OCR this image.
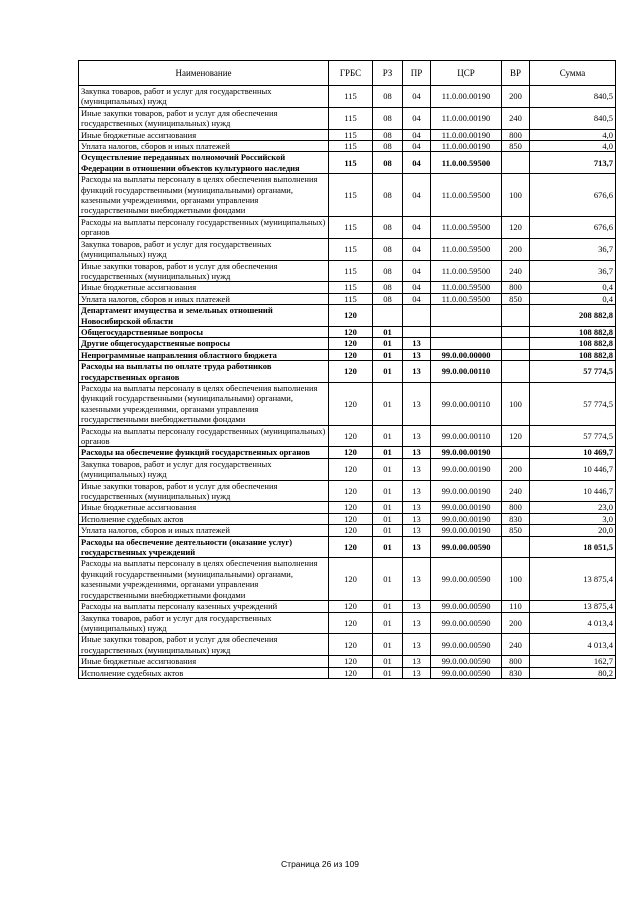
Наименование	ГРБС	РЗ	ПР	ЦСР	ВР	Сумма
Закупка товаров, работ и услуг для государственных (муниципальных) нужд	115	08	04	11.0.00.00190	200	840,5
Иные закупки товаров, работ и услуг для обеспечения государственных (муниципальных) нужд	115	08	04	11.0.00.00190	240	840,5
Иные бюджетные ассигнования	115	08	04	11.0.00.00190	800	4,0
Уплата налогов, сборов и иных платежей	115	08	04	11.0.00.00190	850	4,0
Осуществление переданных полномочий Российской Федерации в отношении объектов культурного наследия	115	08	04	11.0.00.59500		713,7
Расходы на выплаты персоналу в целях обеспечения выполнения функций государственными (муниципальными) органами, казенными учреждениями, органами управления государственными внебюджетными фондами	115	08	04	11.0.00.59500	100	676,6
Расходы на выплаты персоналу государственных (муниципальных) органов	115	08	04	11.0.00.59500	120	676,6
Закупка товаров, работ и услуг для государственных (муниципальных) нужд	115	08	04	11.0.00.59500	200	36,7
Иные закупки товаров, работ и услуг для обеспечения государственных (муниципальных) нужд	115	08	04	11.0.00.59500	240	36,7
Иные бюджетные ассигнования	115	08	04	11.0.00.59500	800	0,4
Уплата налогов, сборов и иных платежей	115	08	04	11.0.00.59500	850	0,4
Департамент имущества и земельных отношений Новосибирской области	120					208 882,8
Общегосударственные вопросы	120	01				108 882,8
Другие общегосударственные вопросы	120	01	13			108 882,8
Непрограммные направления областного бюджета	120	01	13	99.0.00.00000		108 882,8
Расходы на выплаты по оплате труда работников государственных органов	120	01	13	99.0.00.00110		57 774,5
Расходы на выплаты персоналу в целях обеспечения выполнения функций государственными (муниципальными) органами, казенными учреждениями, органами управления государственными внебюджетными фондами	120	01	13	99.0.00.00110	100	57 774,5
Расходы на выплаты персоналу государственных (муниципальных) органов	120	01	13	99.0.00.00110	120	57 774,5
Расходы на обеспечение функций государственных органов	120	01	13	99.0.00.00190		10 469,7
Закупка товаров, работ и услуг для государственных (муниципальных) нужд	120	01	13	99.0.00.00190	200	10 446,7
Иные закупки товаров, работ и услуг для обеспечения государственных (муниципальных) нужд	120	01	13	99.0.00.00190	240	10 446,7
Иные бюджетные ассигнования	120	01	13	99.0.00.00190	800	23,0
Исполнение судебных актов	120	01	13	99.0.00.00190	830	3,0
Уплата налогов, сборов и иных платежей	120	01	13	99.0.00.00190	850	20,0
Расходы на обеспечение деятельности (оказание услуг) государственных учреждений	120	01	13	99.0.00.00590		18 051,5
Расходы на выплаты персоналу в целях обеспечения выполнения функций государственными (муниципальными) органами, казенными учреждениями, органами управления государственными внебюджетными фондами	120	01	13	99.0.00.00590	100	13 875,4
Расходы на выплаты персоналу казенных учреждений	120	01	13	99.0.00.00590	110	13 875,4
Закупка товаров, работ и услуг для государственных (муниципальных) нужд	120	01	13	99.0.00.00590	200	4 013,4
Иные закупки товаров, работ и услуг для обеспечения государственных (муниципальных) нужд	120	01	13	99.0.00.00590	240	4 013,4
Иные бюджетные ассигнования	120	01	13	99.0.00.00590	800	162,7
Исполнение судебных актов	120	01	13	99.0.00.00590	830	80,2
Страница 26 из 109
